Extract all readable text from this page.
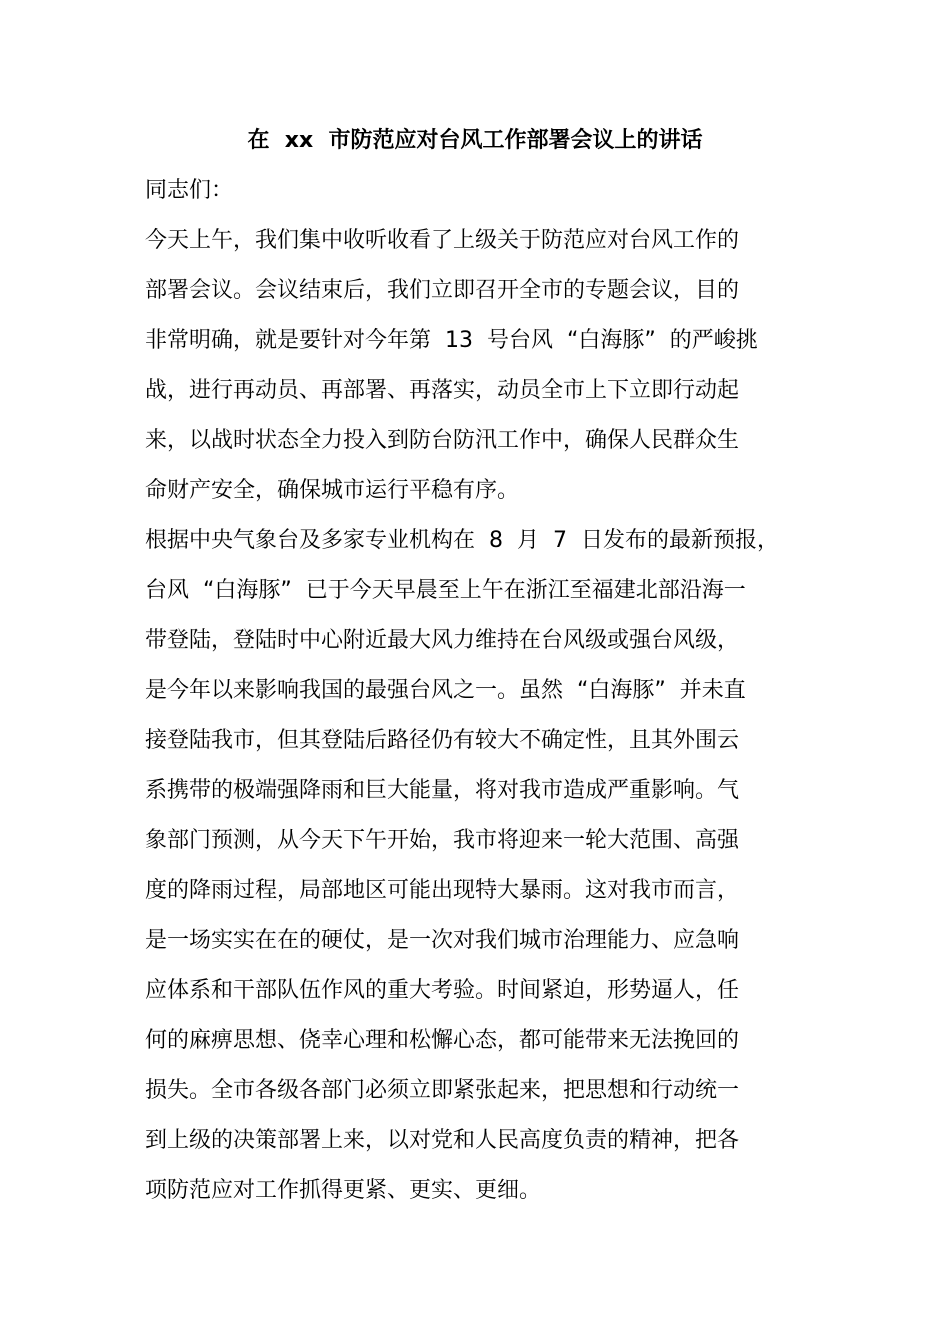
在  xx  市防范应对台风工作部署会议上的讲话
同志们：
今天上午，我们集中收听收看了上级关于防范应对台风工作的
部署会议。会议结束后，我们立即召开全市的专题会议，目的
非常明确，就是要针对今年第  13  号台风  “白海豚”  的严峻挑
战，进行再动员、再部署、再落实，动员全市上下立即行动起
来，以战时状态全力投入到防台防汛工作中，确保人民群众生
命财产安全，确保城市运行平稳有序。
根据中央气象台及多家专业机构在  8  月  7  日发布的最新预报，
台风  “白海豚”  已于今天早晨至上午在浙江至福建北部沿海一
带登陆，登陆时中心附近最大风力维持在台风级或强台风级，
是今年以来影响我国的最强台风之一。虽然  “白海豚”  并未直
接登陆我市，但其登陆后路径仍有较大不确定性，且其外围云
系携带的极端强降雨和巨大能量，将对我市造成严重影响。气
象部门预测，从今天下午开始，我市将迎来一轮大范围、高强
度的降雨过程，局部地区可能出现特大暴雨。这对我市而言，
是一场实实在在的硬仗，是一次对我们城市治理能力、应急响
应体系和干部队伍作风的重大考验。时间紧迫，形势逼人，任
何的麻痹思想、侥幸心理和松懈心态，都可能带来无法挽回的
损失。全市各级各部门必须立即紧张起来，把思想和行动统一
到上级的决策部署上来，以对党和人民高度负责的精神，把各
项防范应对工作抓得更紧、更实、更细。
